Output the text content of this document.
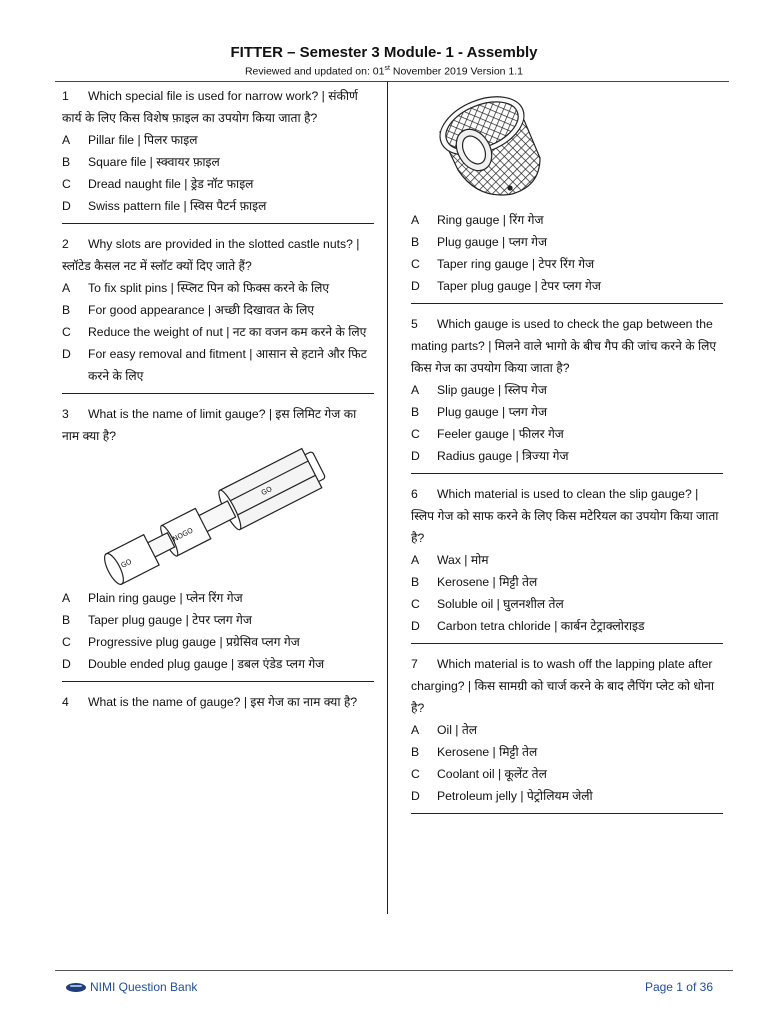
FITTER – Semester 3 Module- 1 - Assembly
Reviewed and updated on: 01st November 2019 Version 1.1

1 Which special file is used for narrow work? | संकीर्ण कार्य के लिए किस विशेष फ़ाइल का उपयोग किया जाता है?

A	Pillar file | पिलर फाइल
B	Square file | स्क्वायर फ़ाइल
C	Dread naught file | ड्रेड नॉट फाइल
D	Swiss pattern file | स्विस पैटर्न फ़ाइल

2 Why slots are provided in the slotted castle nuts? | स्लॉटेड कैसल नट में स्लॉट क्यों दिए जाते हैं?

A	To fix split pins | स्प्लिट पिन को फिक्स करने के लिए
B	For good appearance | अच्छी दिखावत के लिए
C	Reduce the weight of nut | नट का वजन कम करने के लिए
D	For easy removal and fitment | आसान से हटाने और फिट करने के लिए

3 What is the name of limit gauge? | इस लिमिट गेज का नाम क्या है?

NOGO
GO
GO
A	Plain ring gauge | प्लेन रिंग गेज
B	Taper plug gauge | टेपर प्लग गेज
C	Progressive plug gauge | प्रग्रेसिव प्लग गेज
D	Double ended plug gauge | डबल एंडेड प्लग गेज

4 What is the name of gauge? | इस गेज का नाम क्या है?

A	Ring gauge | रिंग गेज
B	Plug gauge | प्लग गेज
C	Taper ring gauge | टेपर रिंग गेज
D	Taper plug gauge | टेपर प्लग गेज

5 Which gauge is used to check the gap between the mating parts? | मिलने वाले भागो के बीच गैप की जांच करने के लिए किस गेज का उपयोग किया जाता है?

A	Slip gauge | स्लिप गेज
B	Plug gauge | प्लग गेज
C	Feeler gauge | फीलर गेज
D	Radius gauge | त्रिज्या गेज

6 Which material is used to clean the slip gauge? | स्लिप गेज को साफ करने के लिए किस मटेरियल का उपयोग किया जाता है?

A	Wax | मोम
B	Kerosene | मिट्टी तेल
C	Soluble oil | घुलनशील तेल
D	Carbon tetra chloride | कार्बन टेट्राक्लोराइड

7 Which material is to wash off the lapping plate after charging? | किस सामग्री को चार्ज करने के बाद लैपिंग प्लेट को धोना है?

A	Oil | तेल
B	Kerosene | मिट्टी तेल
C	Coolant oil | कूलेंट तेल
D	Petroleum jelly | पेट्रोलियम जेली
NIMI Question Bank	Page 1 of 36
